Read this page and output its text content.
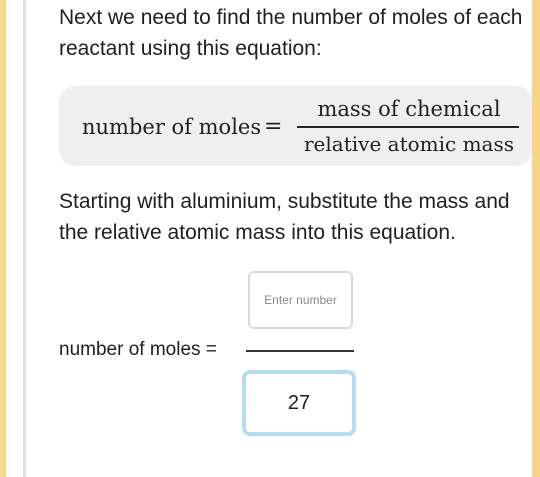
Next we need to find the number of moles of each reactant using this equation:

number of moles =
mass of chemical
relative atomic mass

Starting with aluminium, substitute the mass and the relative atomic mass into this equation.

number of moles =
Enter number
27
